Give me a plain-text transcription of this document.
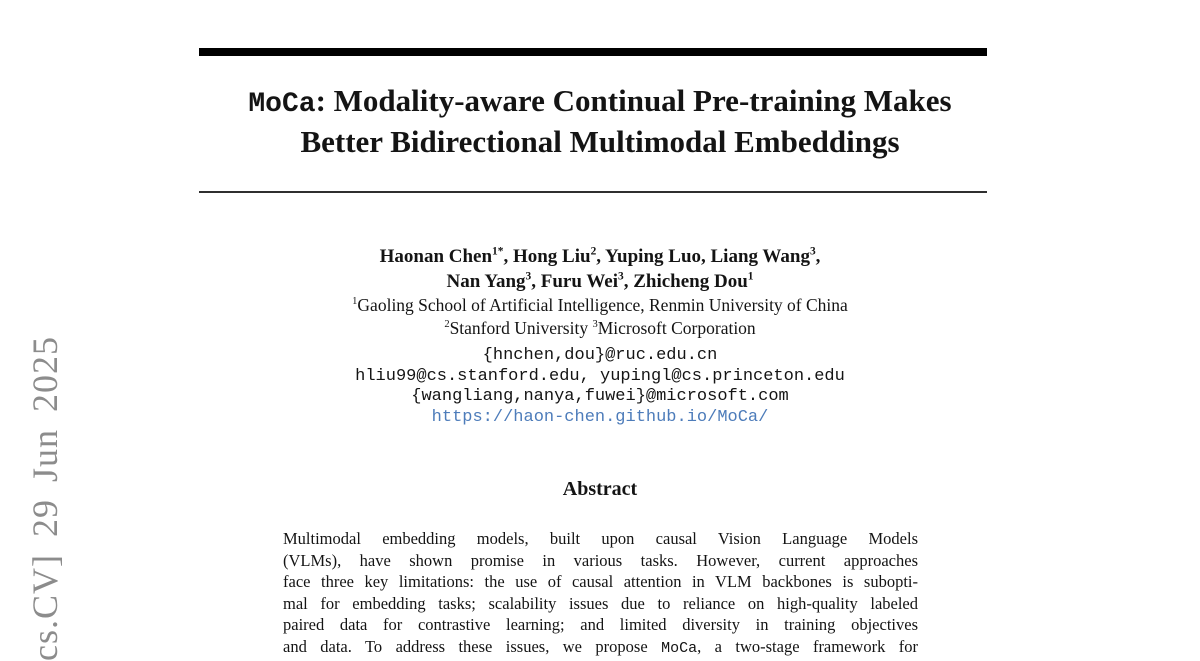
cs.CV] 29 Jun 2025
MoCa: Modality-aware Continual Pre-training Makes
Better Bidirectional Multimodal Embeddings
Haonan Chen$^{1*}$, Hong Liu$^2$, Yuping Luo, Liang Wang$^3$,
Nan Yang$^3$, Furu Wei$^3$, Zhicheng Dou$^1$
$^1$Gaoling School of Artificial Intelligence, Renmin University of China
$^2$Stanford University $^3$Microsoft Corporation
{hnchen,dou}@ruc.edu.cn
hliu99@cs.stanford.edu, yupingl@cs.princeton.edu
{wangliang,nanya,fuwei}@microsoft.com
https://haon-chen.github.io/MoCa/
Abstract
Multimodal embedding models, built upon causal Vision Language Models
(VLMs), have shown promise in various tasks. However, current approaches
face three key limitations: the use of causal attention in VLM backbones is subopti-
mal for embedding tasks; scalability issues due to reliance on high-quality labeled
paired data for contrastive learning; and limited diversity in training objectives
and data. To address these issues, we propose MoCa, a two-stage framework for
